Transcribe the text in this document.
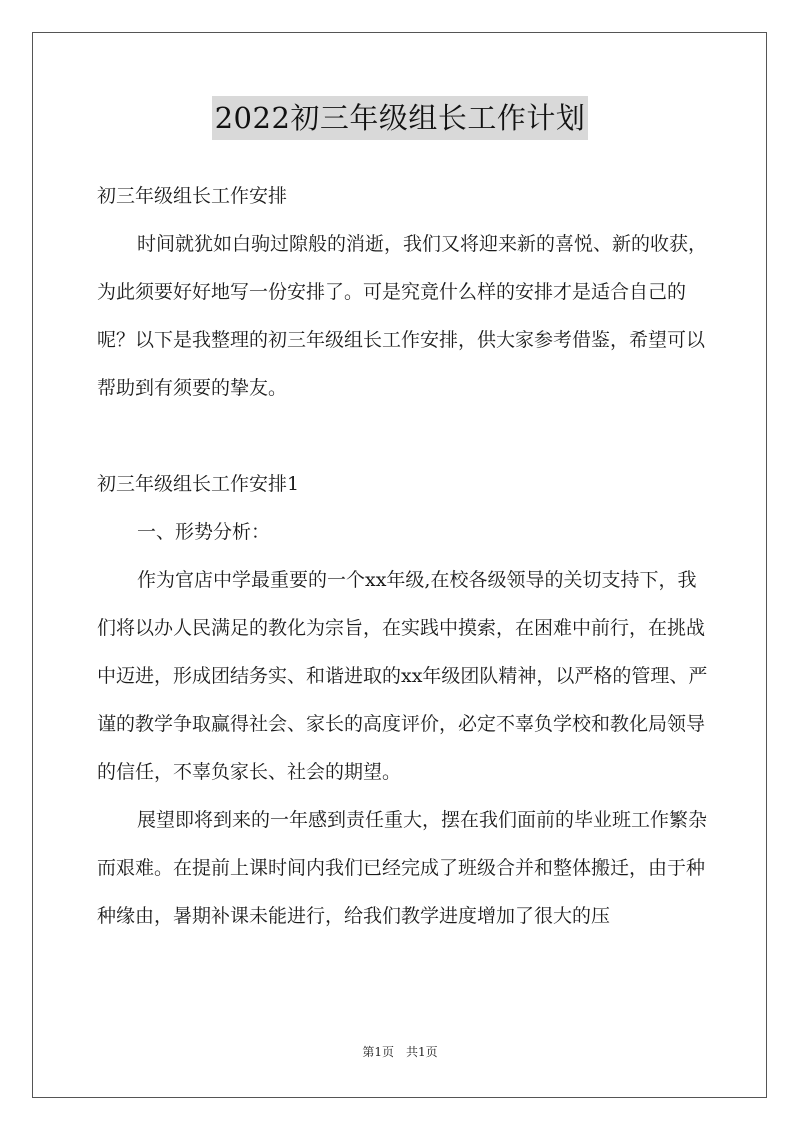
2022初三年级组长工作计划

初三年级组长工作安排

时间就犹如白驹过隙般的消逝，我们又将迎来新的喜悦、新的收获，为此须要好好地写一份安排了。可是究竟什么样的安排才是适合自己的呢？以下是我整理的初三年级组长工作安排，供大家参考借鉴，希望可以帮助到有须要的挚友。

初三年级组长工作安排1

一、形势分析：

作为官店中学最重要的一个xx年级,在校各级领导的关切支持下，我们将以办人民满足的教化为宗旨，在实践中摸索，在困难中前行，在挑战中迈进，形成团结务实、和谐进取的xx年级团队精神，以严格的管理、严谨的教学争取赢得社会、家长的高度评价，必定不辜负学校和教化局领导的信任，不辜负家长、社会的期望。

展望即将到来的一年感到责任重大，摆在我们面前的毕业班工作繁杂而艰难。在提前上课时间内我们已经完成了班级合并和整体搬迁，由于种种缘由，暑期补课未能进行，给我们教学进度增加了很大的压

第1页　共1页
